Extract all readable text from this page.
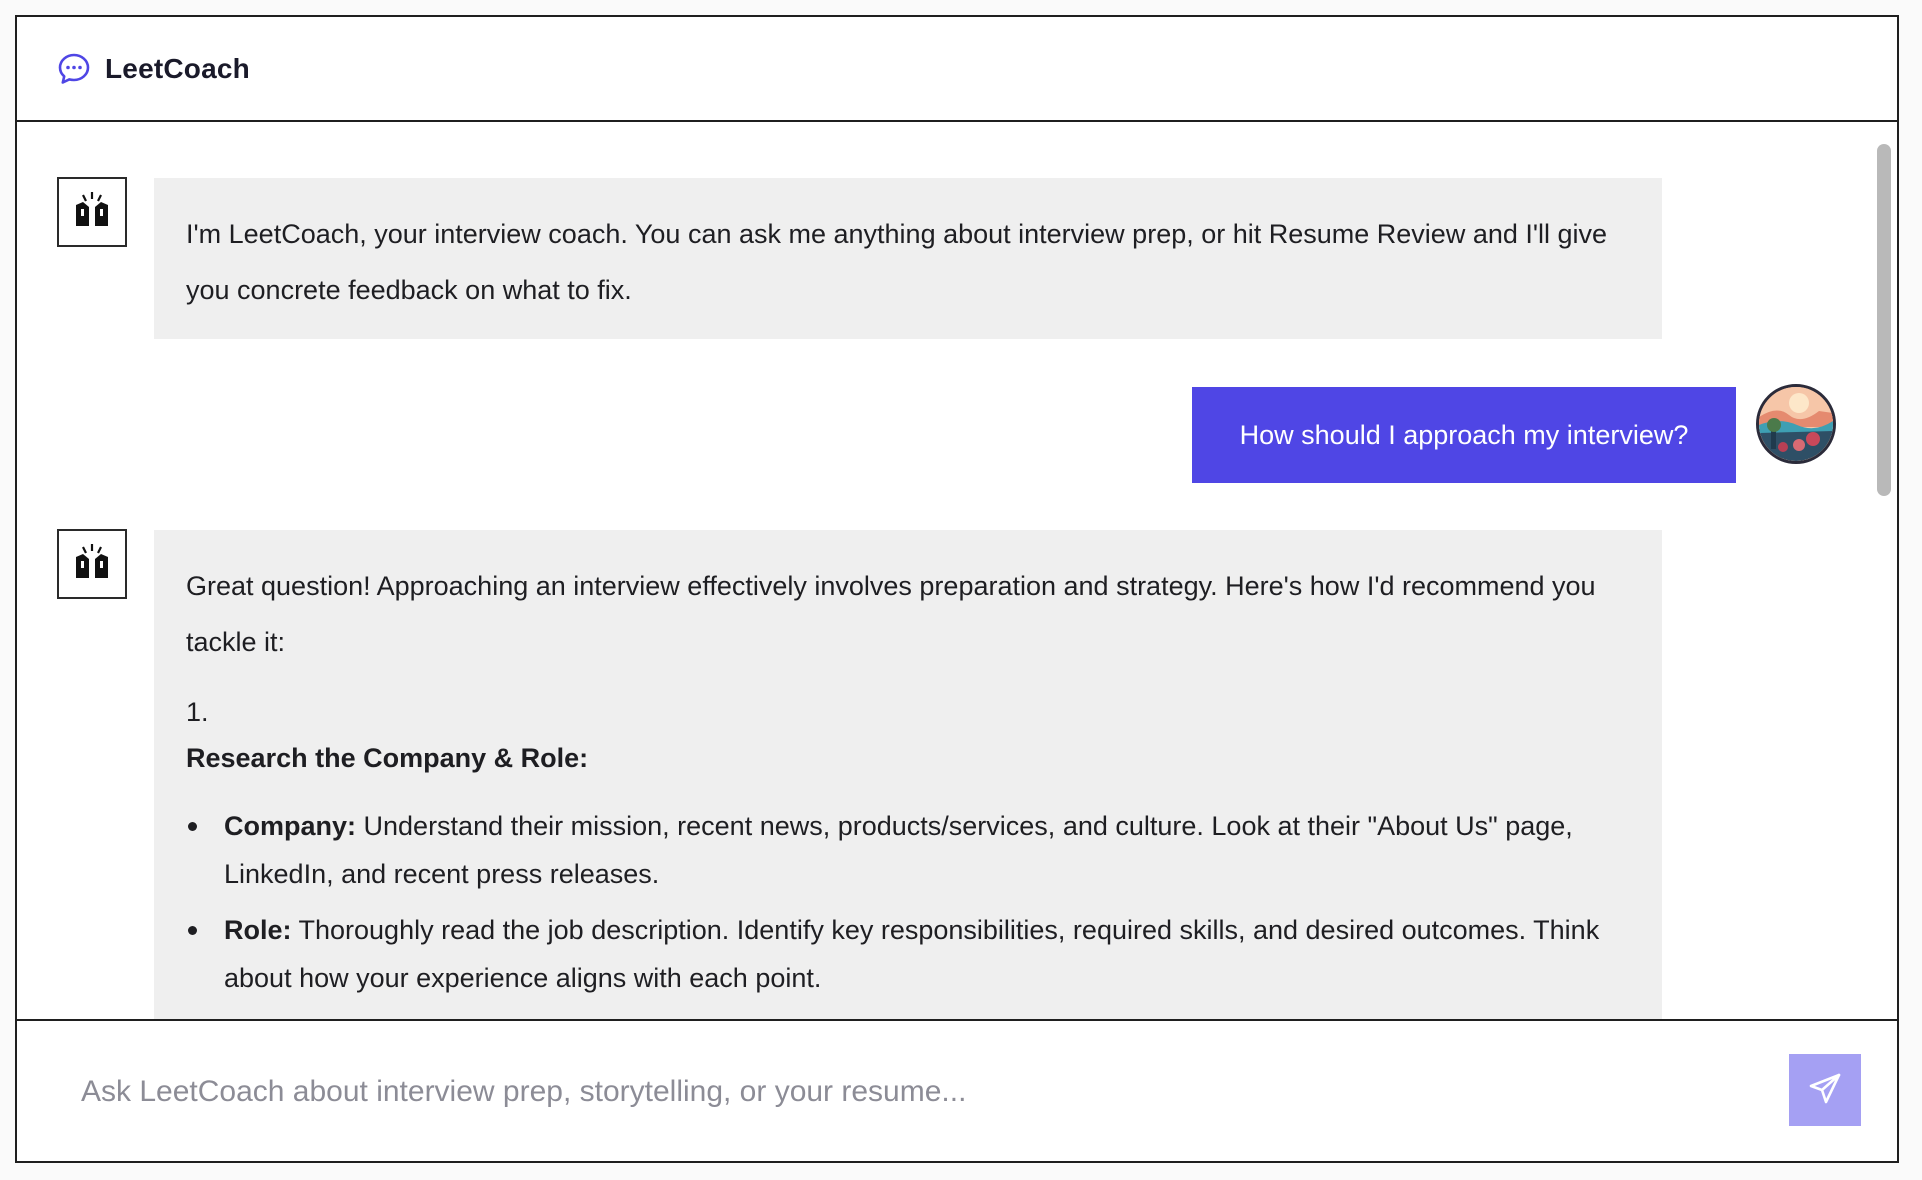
LeetCoach
I'm LeetCoach, your interview coach. You can ask me anything about interview prep, or hit Resume Review and I'll give you concrete feedback on what to fix.
How should I approach my interview?
Great question! Approaching an interview effectively involves preparation and strategy. Here's how I'd recommend you tackle it:
1.
Research the Company & Role:
Company: Understand their mission, recent news, products/services, and culture. Look at their "About Us" page, LinkedIn, and recent press releases.
Role: Thoroughly read the job description. Identify key responsibilities, required skills, and desired outcomes. Think about how your experience aligns with each point.
Ask LeetCoach about interview prep, storytelling, or your resume...
